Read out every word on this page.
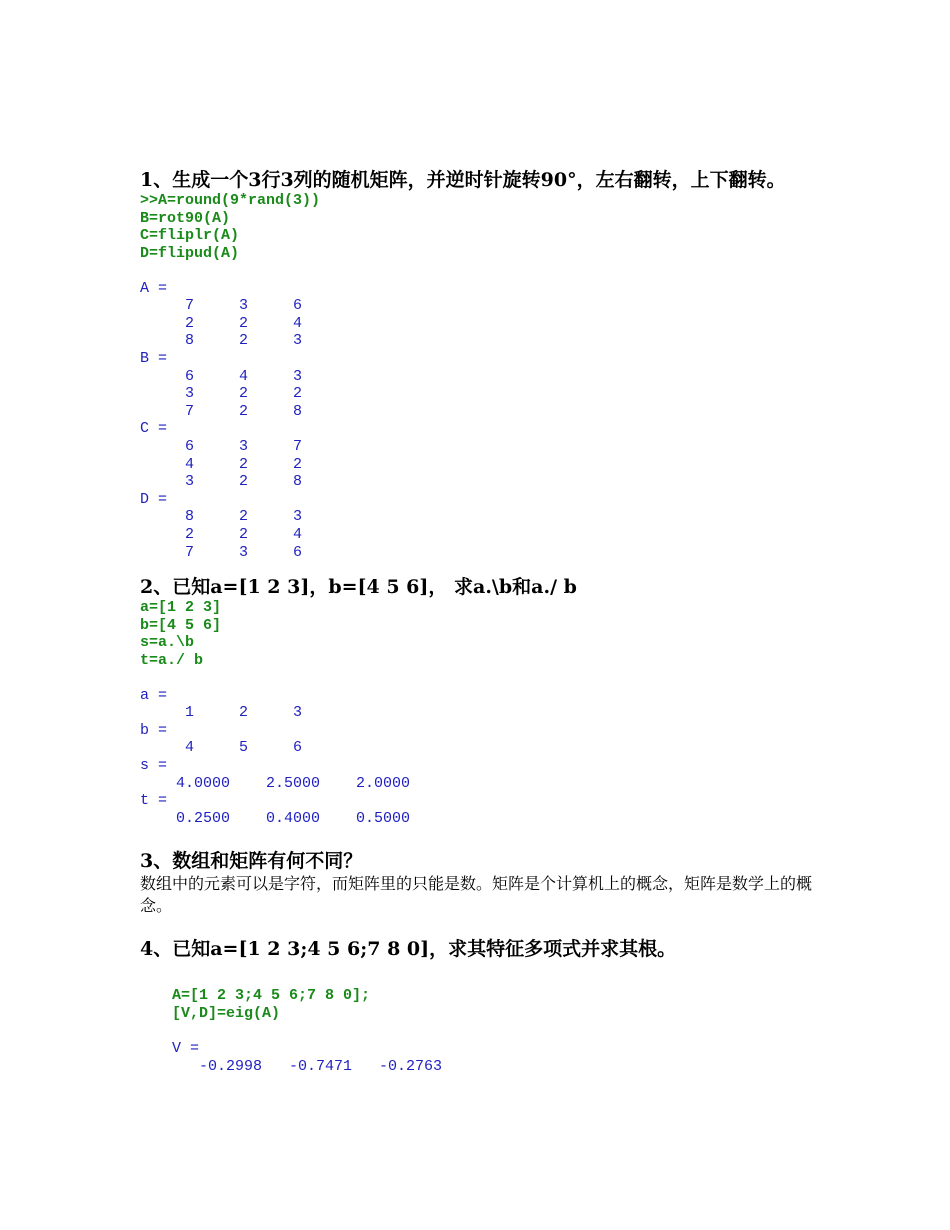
1、生成一个3行3列的随机矩阵，并逆时针旋转90°，左右翻转，上下翻转。

>>A=round(9*rand(3))
B=rot90(A)
C=fliplr(A)
D=flipud(A)
A =
7     3     6
2     2     4
8     2     3
B =
6     4     3
3     2     2
7     2     8
C =
6     3     7
4     2     2
3     2     8
D =
8     2     3
2     2     4
7     3     6

2、已知a=[1 2 3]，b=[4 5 6]， 求a.\b和a./ b

a=[1 2 3]
b=[4 5 6]
s=a.\b
t=a./ b
a =
1     2     3
b =
4     5     6
s =
4.0000    2.5000    2.0000
t =
0.2500    0.4000    0.5000

3、数组和矩阵有何不同？

数组中的元素可以是字符，而矩阵里的只能是数。矩阵是个计算机上的概念，矩阵是数学上的概念。

4、已知a=[1 2 3;4 5 6;7 8 0]，求其特征多项式并求其根。

A=[1 2 3;4 5 6;7 8 0];
[V,D]=eig(A)
V =
-0.2998   -0.7471   -0.2763
